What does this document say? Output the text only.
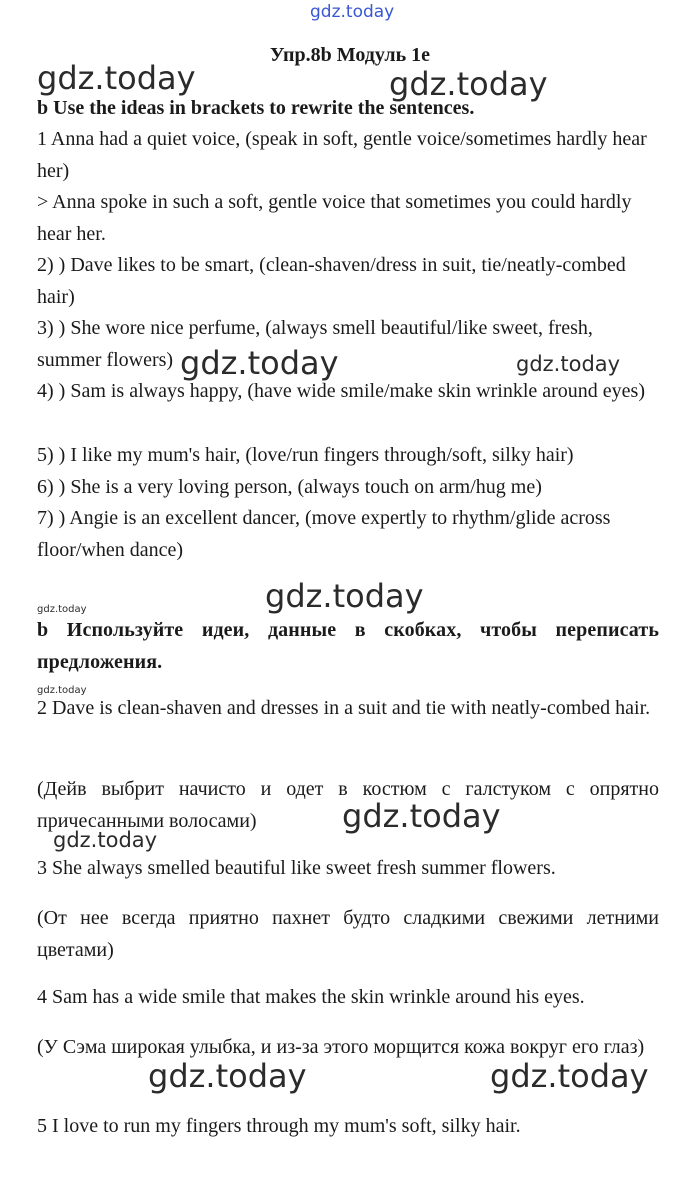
gdz.today
gdz.today	gdz.today
gdz.today	gdz.today
gdz.today
gdz.today
gdz.today
gdz.today
gdz.today
gdz.today	gdz.today
Упр.8b Модуль 1e
b Use the ideas in brackets to rewrite the sentences.
1 Anna had a quiet voice, (speak in soft, gentle voice/sometimes hardly hear her)
> Anna spoke in such a soft, gentle voice that sometimes you could hardly hear her.
2) ) Dave likes to be smart, (clean-shaven/dress in suit, tie/neatly-combed hair)
3) ) She wore nice perfume, (always smell beautiful/like sweet, fresh, summer flowers)
4) ) Sam is always happy, (have wide smile/make skin wrinkle around eyes)
5) ) I like my mum's hair, (love/run fingers through/soft, silky hair)
6) ) She is a very loving person, (always touch on arm/hug me)
7) ) Angie is an excellent dancer, (move expertly to rhythm/glide across floor/when dance)
b Используйте идеи, данные в скобках, чтобы переписать предложения.
2 Dave is clean-shaven and dresses in a suit and tie with neatly-combed hair.
(Дейв выбрит начисто и одет в костюм с галстуком с опрятно причесанными волосами)
3 She always smelled beautiful like sweet fresh summer flowers.
(От нее всегда приятно пахнет будто сладкими свежими летними цветами)
4 Sam has a wide smile that makes the skin wrinkle around his eyes.
(У Сэма широкая улыбка, и из-за этого морщится кожа вокруг его глаз)
5 I love to run my fingers through my mum's soft, silky hair.
